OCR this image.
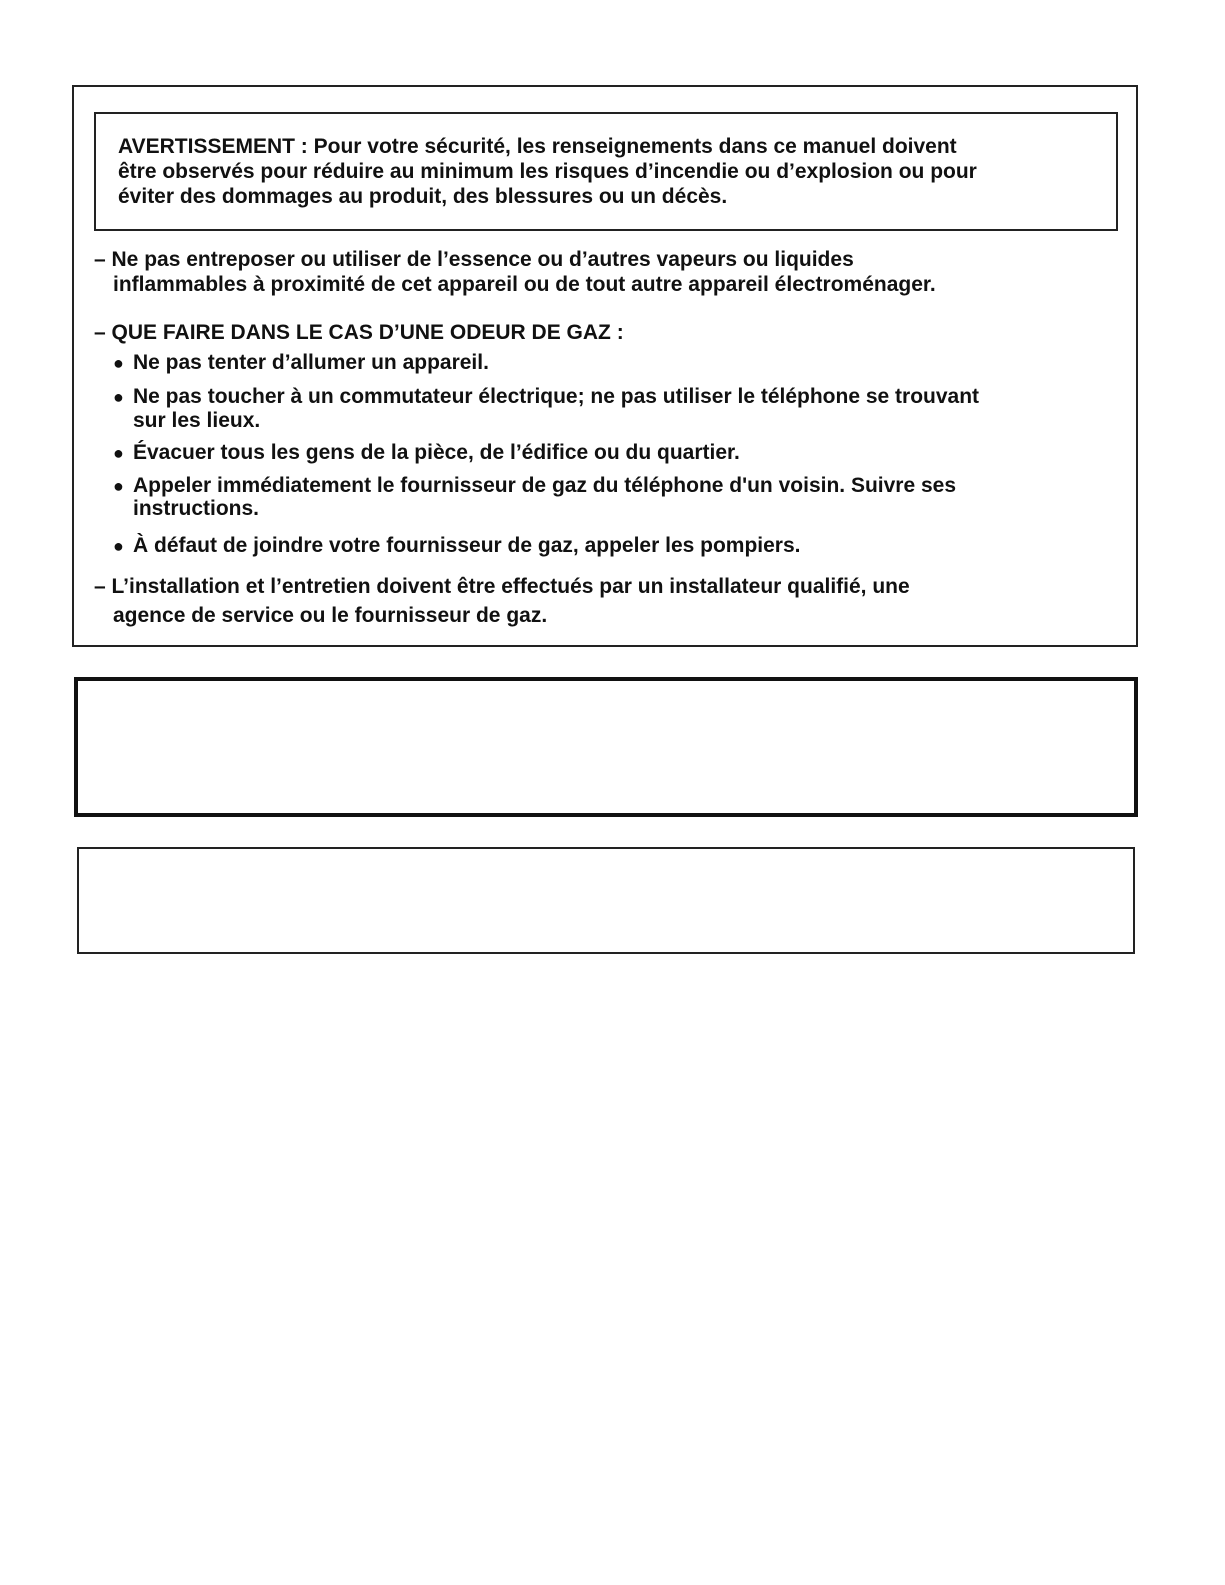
AVERTISSEMENT : Pour votre sécurité, les renseignements dans ce manuel doivent
être observés pour réduire au minimum les risques d’incendie ou d’explosion ou pour
éviter des dommages au produit, des blessures ou un décès.
– Ne pas entreposer ou utiliser de l’essence ou d’autres vapeurs ou liquides
inflammables à proximité de cet appareil ou de tout autre appareil électroménager.
– QUE FAIRE DANS LE CAS D’UNE ODEUR DE GAZ :
● Ne pas tenter d’allumer un appareil.
● Ne pas toucher à un commutateur électrique; ne pas utiliser le téléphone se trouvant
sur les lieux.
● Évacuer tous les gens de la pièce, de l’édifice ou du quartier.
● Appeler immédiatement le fournisseur de gaz du téléphone d'un voisin. Suivre ses
instructions.
● À défaut de joindre votre fournisseur de gaz, appeler les pompiers.
– L’installation et l’entretien doivent être effectués par un installateur qualifié, une
agence de service ou le fournisseur de gaz.
